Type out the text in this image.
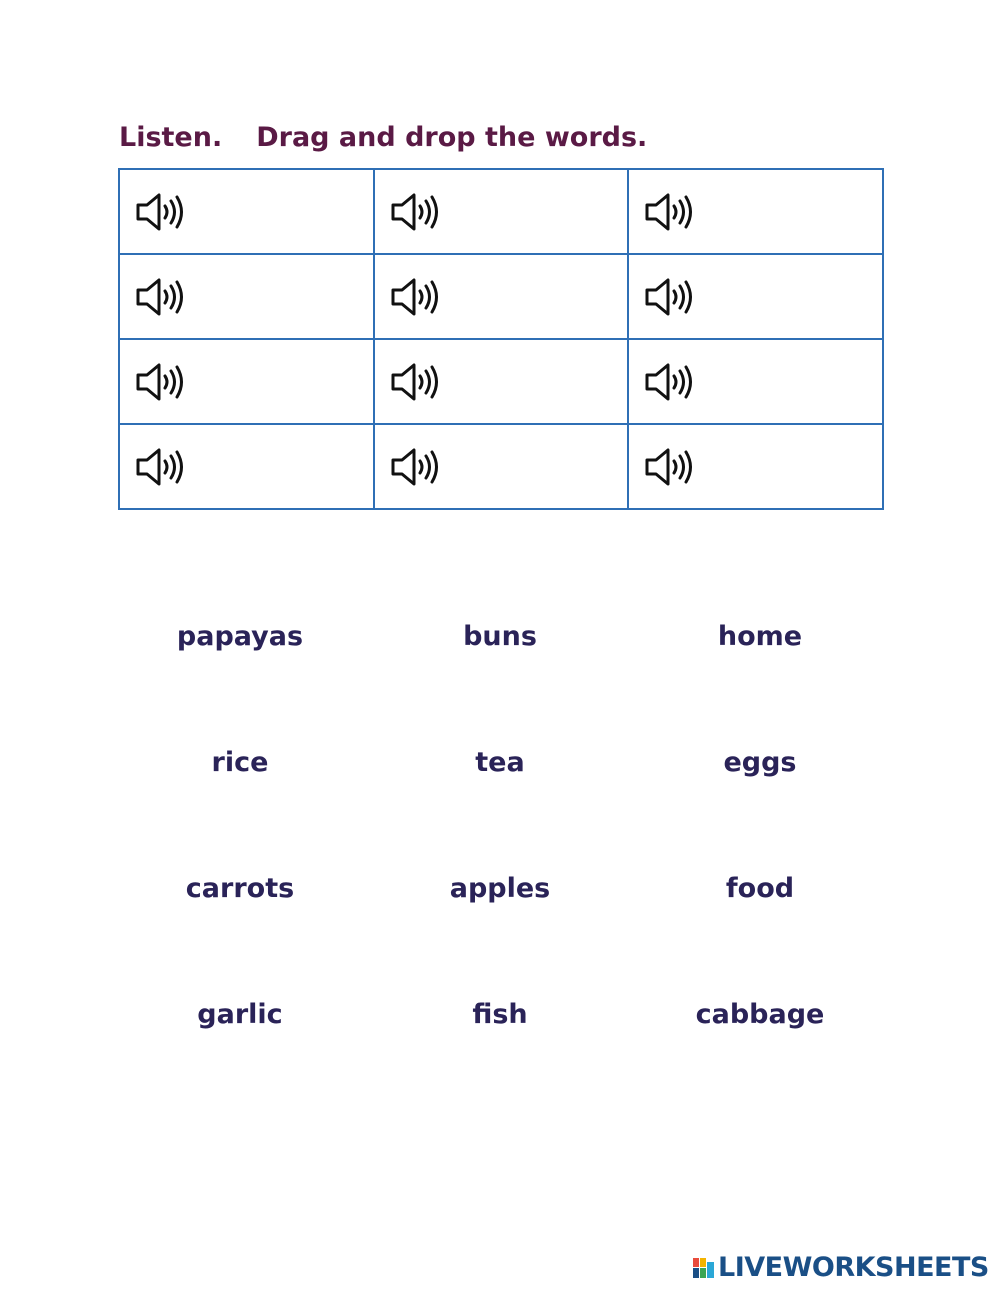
Listen. Drag and drop the words.

papayas	buns	home
rice	tea	eggs
carrots	apples	food
garlic	fish	cabbage
LIVEWORKSHEETS
